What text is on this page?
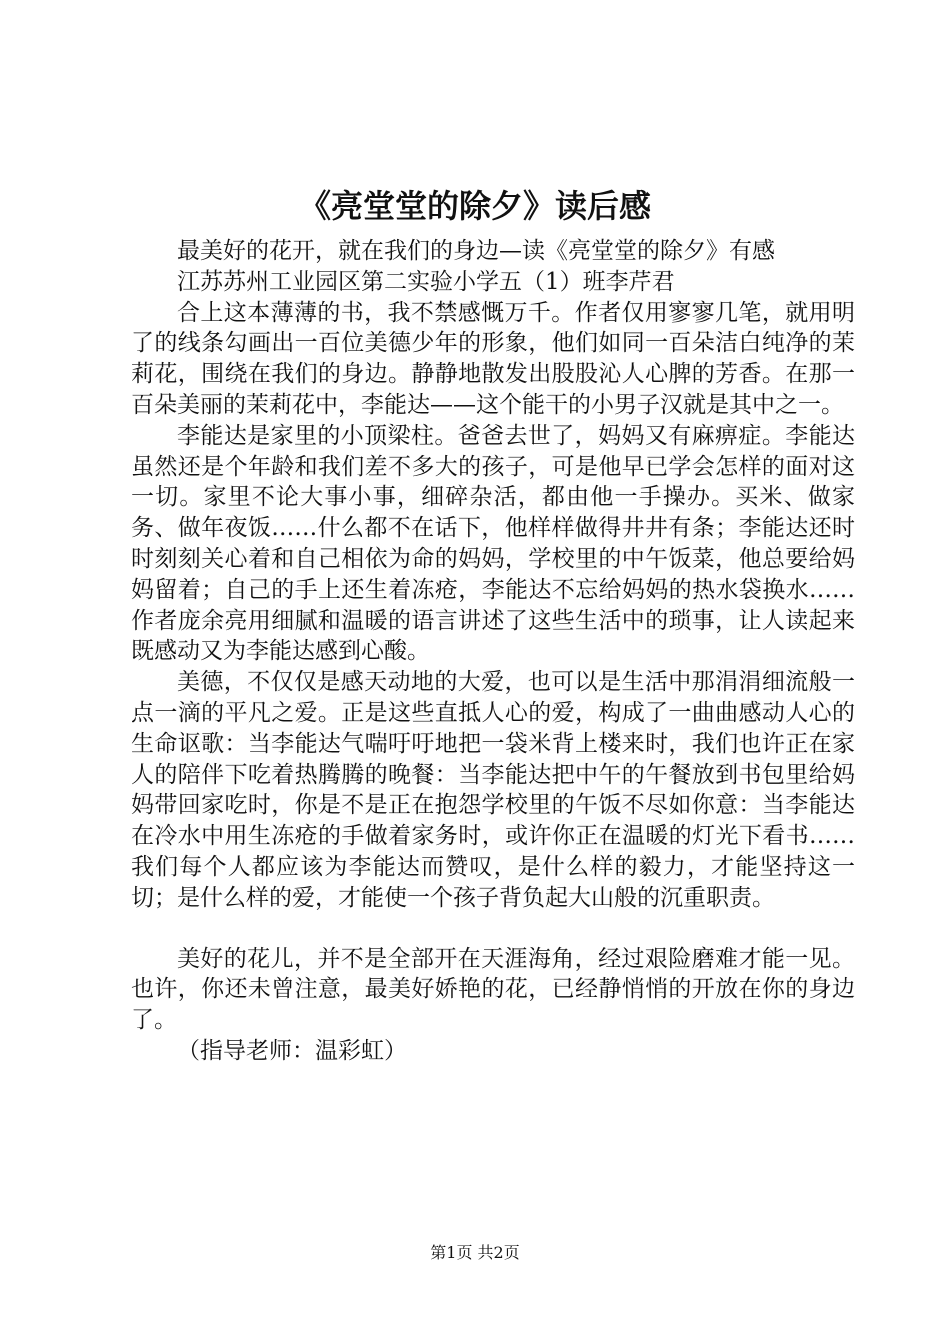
《亮堂堂的除夕》读后感

最美好的花开，就在我们的身边—读《亮堂堂的除夕》有感

江苏苏州工业园区第二实验小学五（1）班李芹君

合上这本薄薄的书，我不禁感慨万千。作者仅用寥寥几笔，就用明了的线条勾画出一百位美德少年的形象，他们如同一百朵洁白纯净的茉莉花，围绕在我们的身边。静静地散发出股股沁人心脾的芳香。在那一百朵美丽的茉莉花中，李能达——这个能干的小男子汉就是其中之一。

李能达是家里的小顶梁柱。爸爸去世了，妈妈又有麻痹症。李能达虽然还是个年龄和我们差不多大的孩子，可是他早已学会怎样的面对这一切。家里不论大事小事，细碎杂活，都由他一手操办。买米、做家务、做年夜饭……什么都不在话下，他样样做得井井有条；李能达还时时刻刻关心着和自己相依为命的妈妈，学校里的中午饭菜，他总要给妈妈留着；自己的手上还生着冻疮，李能达不忘给妈妈的热水袋换水……作者庞余亮用细腻和温暖的语言讲述了这些生活中的琐事，让人读起来既感动又为李能达感到心酸。

美德，不仅仅是感天动地的大爱，也可以是生活中那涓涓细流般一点一滴的平凡之爱。正是这些直抵人心的爱，构成了一曲曲感动人心的生命讴歌：当李能达气喘吁吁地把一袋米背上楼来时，我们也许正在家人的陪伴下吃着热腾腾的晚餐：当李能达把中午的午餐放到书包里给妈妈带回家吃时，你是不是正在抱怨学校里的午饭不尽如你意：当李能达在冷水中用生冻疮的手做着家务时，或许你正在温暖的灯光下看书……我们每个人都应该为李能达而赞叹，是什么样的毅力，才能坚持这一切；是什么样的爱，才能使一个孩子背负起大山般的沉重职责。

美好的花儿，并不是全部开在天涯海角，经过艰险磨难才能一见。也许，你还未曾注意，最美好娇艳的花，已经静悄悄的开放在你的身边了。

（指导老师：温彩虹）

第1页 共2页
